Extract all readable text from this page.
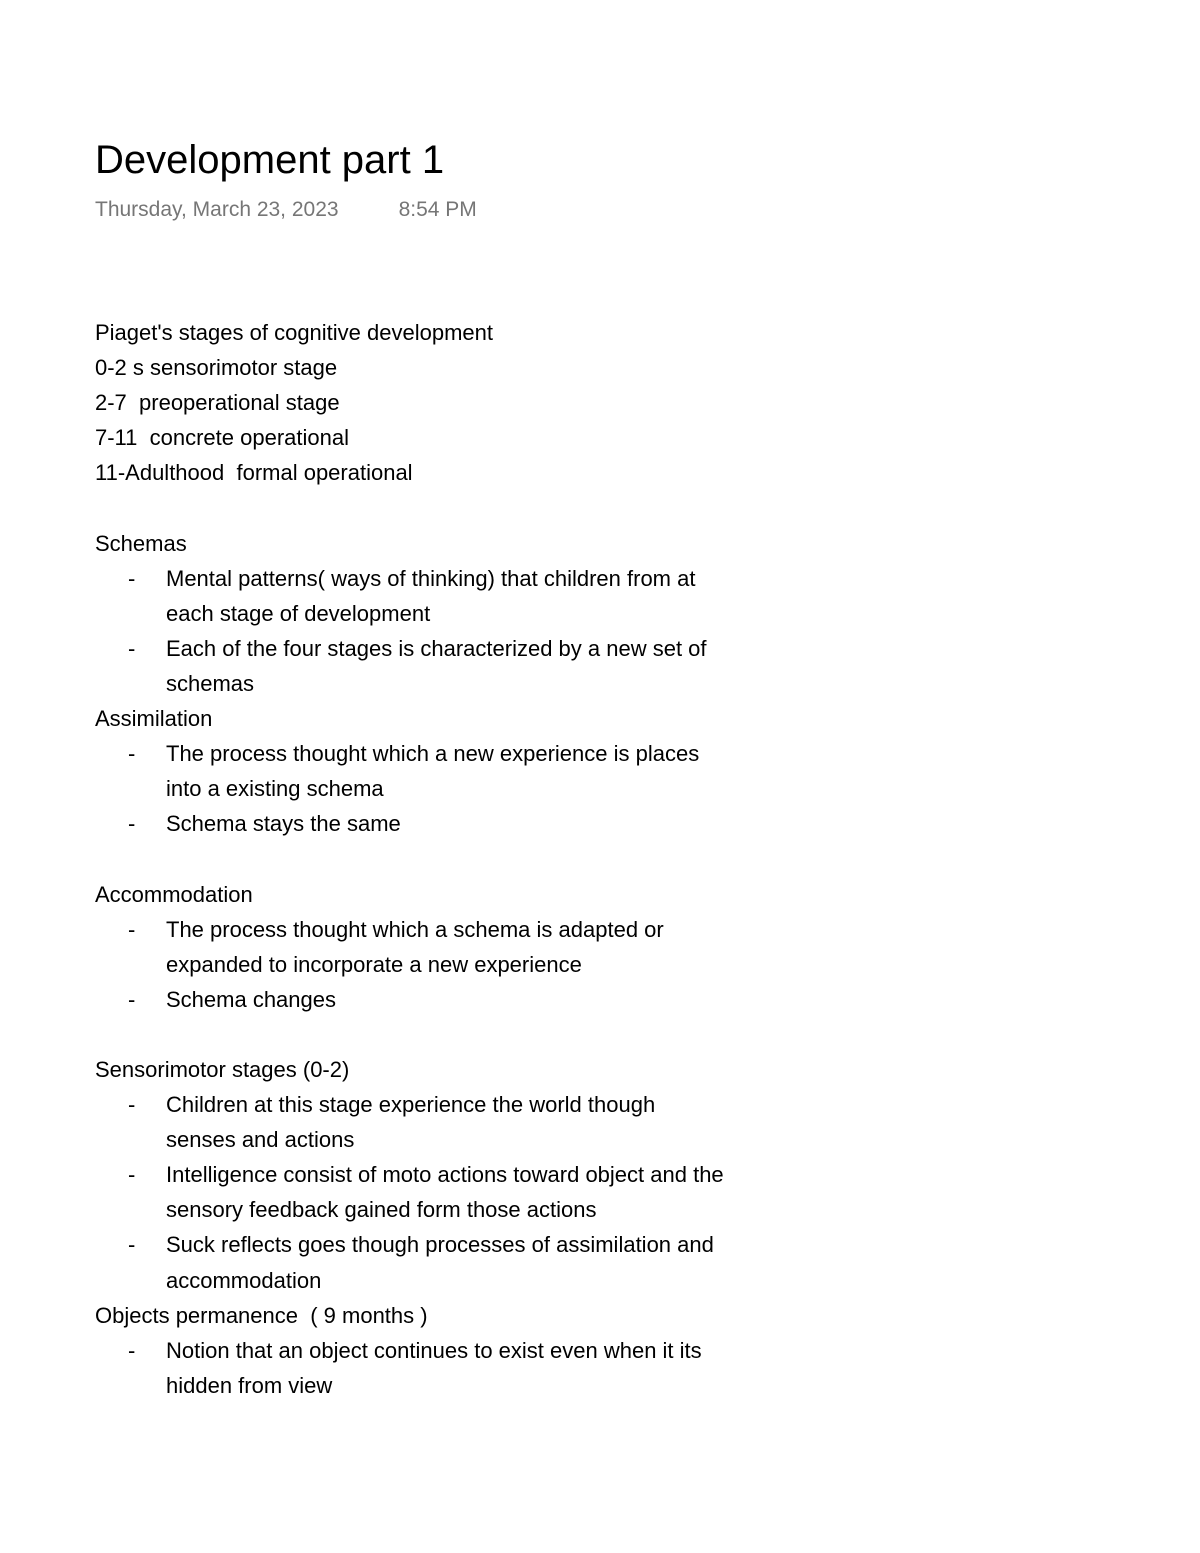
Development part 1
Thursday, March 23, 2023	8:54 PM
Piaget's stages of cognitive development
0-2 s sensorimotor stage
2-7  preoperational stage
7-11  concrete operational
11-Adulthood  formal operational
Schemas
- Mental patterns( ways of thinking) that children from at each stage of development
- Each of the four stages is characterized by a new set of schemas
Assimilation
- The process thought which a new experience is places into a existing schema
- Schema stays the same
Accommodation
- The process thought which a schema is adapted or expanded to incorporate a new experience
- Schema changes
Sensorimotor stages (0-2)
- Children at this stage experience the world though senses and actions
- Intelligence consist of moto actions toward object and the sensory feedback gained form those actions
- Suck reflects goes though processes of assimilation and accommodation
Objects permanence  ( 9 months )
- Notion that an object continues to exist even when it its hidden from view
